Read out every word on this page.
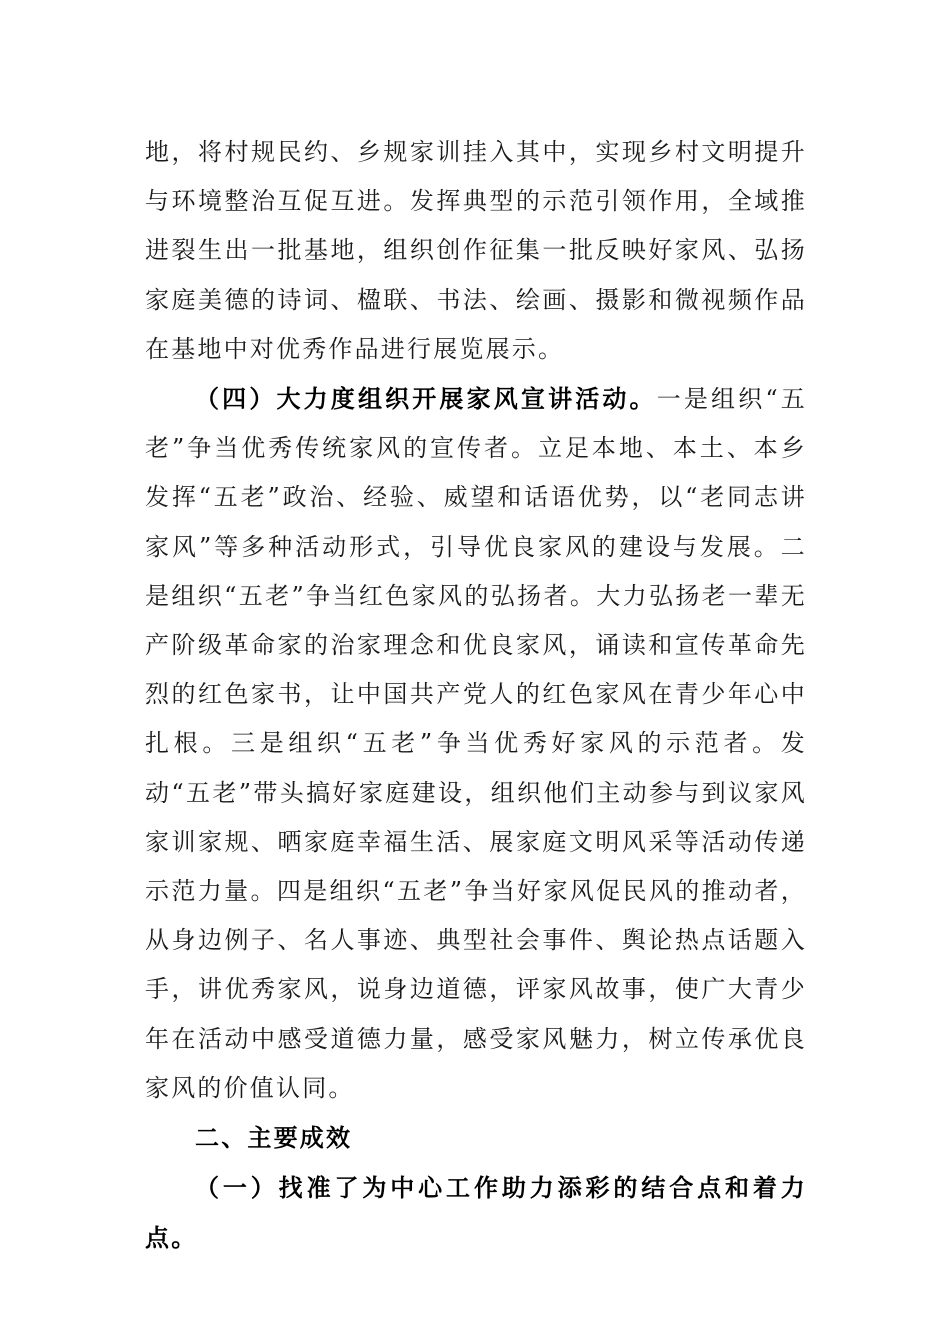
地，将村规民约、乡规家训挂入其中，实现乡村文明提升与环境整治互促互进。发挥典型的示范引领作用，全域推进裂生出一批基地，组织创作征集一批反映好家风、弘扬家庭美德的诗词、楹联、书法、绘画、摄影和微视频作品在基地中对优秀作品进行展览展示。

（四）大力度组织开展家风宣讲活动。一是组织“五老”争当优秀传统家风的宣传者。立足本地、本土、本乡发挥“五老”政治、经验、威望和话语优势，以“老同志讲家风”等多种活动形式，引导优良家风的建设与发展。二是组织“五老”争当红色家风的弘扬者。大力弘扬老一辈无产阶级革命家的治家理念和优良家风，诵读和宣传革命先烈的红色家书，让中国共产党人的红色家风在青少年心中扎根。三是组织“五老”争当优秀好家风的示范者。发动“五老”带头搞好家庭建设，组织他们主动参与到议家风家训家规、晒家庭幸福生活、展家庭文明风采等活动传递示范力量。四是组织“五老”争当好家风促民风的推动者，从身边例子、名人事迹、典型社会事件、舆论热点话题入手，讲优秀家风，说身边道德，评家风故事，使广大青少年在活动中感受道德力量，感受家风魅力，树立传承优良家风的价值认同。

二、主要成效

（一）找准了为中心工作助力添彩的结合点和着力点。
